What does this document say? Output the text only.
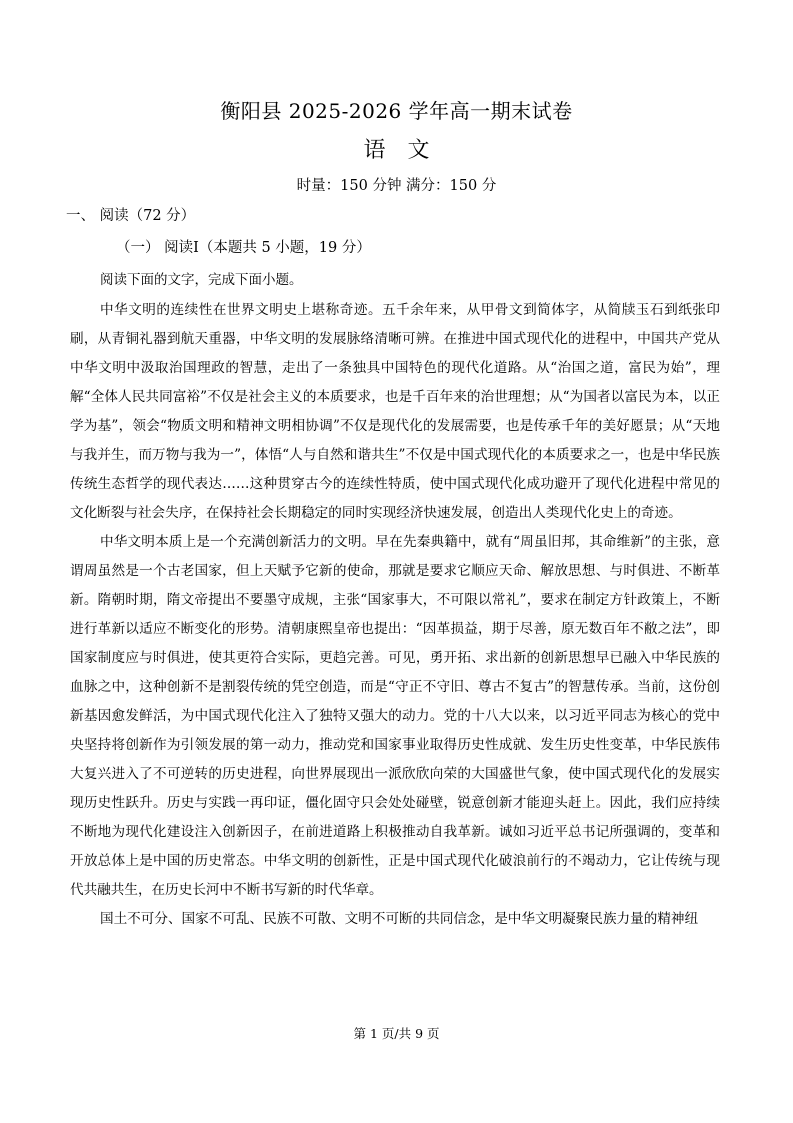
衡阳县 2025-2026 学年高一期末试卷
语　文
时量：150 分钟 满分：150 分
一、 阅读（72 分）
（一） 阅读Ⅰ（本题共 5 小题，19 分）
阅读下面的文字，完成下面小题。

中华文明的连续性在世界文明史上堪称奇迹。五千余年来，从甲骨文到简体字，从简牍玉石到纸张印刷，从青铜礼器到航天重器，中华文明的发展脉络清晰可辨。在推进中国式现代化的进程中，中国共产党从中华文明中汲取治国理政的智慧，走出了一条独具中国特色的现代化道路。从“治国之道，富民为始”，理解“全体人民共同富裕”不仅是社会主义的本质要求，也是千百年来的治世理想；从“为国者以富民为本，以正学为基”，领会“物质文明和精神文明相协调”不仅是现代化的发展需要，也是传承千年的美好愿景；从“天地与我并生，而万物与我为一”，体悟“人与自然和谐共生”不仅是中国式现代化的本质要求之一，也是中华民族传统生态哲学的现代表达……这种贯穿古今的连续性特质，使中国式现代化成功避开了现代化进程中常见的文化断裂与社会失序，在保持社会长期稳定的同时实现经济快速发展，创造出人类现代化史上的奇迹。

中华文明本质上是一个充满创新活力的文明。早在先秦典籍中，就有“周虽旧邦，其命维新”的主张，意谓周虽然是一个古老国家，但上天赋予它新的使命，那就是要求它顺应天命、解放思想、与时俱进、不断革新。隋朝时期，隋文帝提出不要墨守成规，主张“国家事大，不可限以常礼”，要求在制定方针政策上，不断进行革新以适应不断变化的形势。清朝康熙皇帝也提出：“因革损益，期于尽善，原无数百年不敝之法”，即国家制度应与时俱进，使其更符合实际，更趋完善。可见，勇开拓、求出新的创新思想早已融入中华民族的血脉之中，这种创新不是割裂传统的凭空创造，而是“守正不守旧、尊古不复古”的智慧传承。当前，这份创新基因愈发鲜活，为中国式现代化注入了独特又强大的动力。党的十八大以来，以习近平同志为核心的党中央坚持将创新作为引领发展的第一动力，推动党和国家事业取得历史性成就、发生历史性变革，中华民族伟大复兴进入了不可逆转的历史进程，向世界展现出一派欣欣向荣的大国盛世气象，使中国式现代化的发展实现历史性跃升。历史与实践一再印证，僵化固守只会处处碰壁，锐意创新才能迎头赶上。因此，我们应持续不断地为现代化建设注入创新因子，在前进道路上积极推动自我革新。诚如习近平总书记所强调的，变革和开放总体上是中国的历史常态。中华文明的创新性，正是中国式现代化破浪前行的不竭动力，它让传统与现代共融共生，在历史长河中不断书写新的时代华章。

国土不可分、国家不可乱、民族不可散、文明不可断的共同信念，是中华文明凝聚民族力量的精神纽

第 1 页/共 9 页
